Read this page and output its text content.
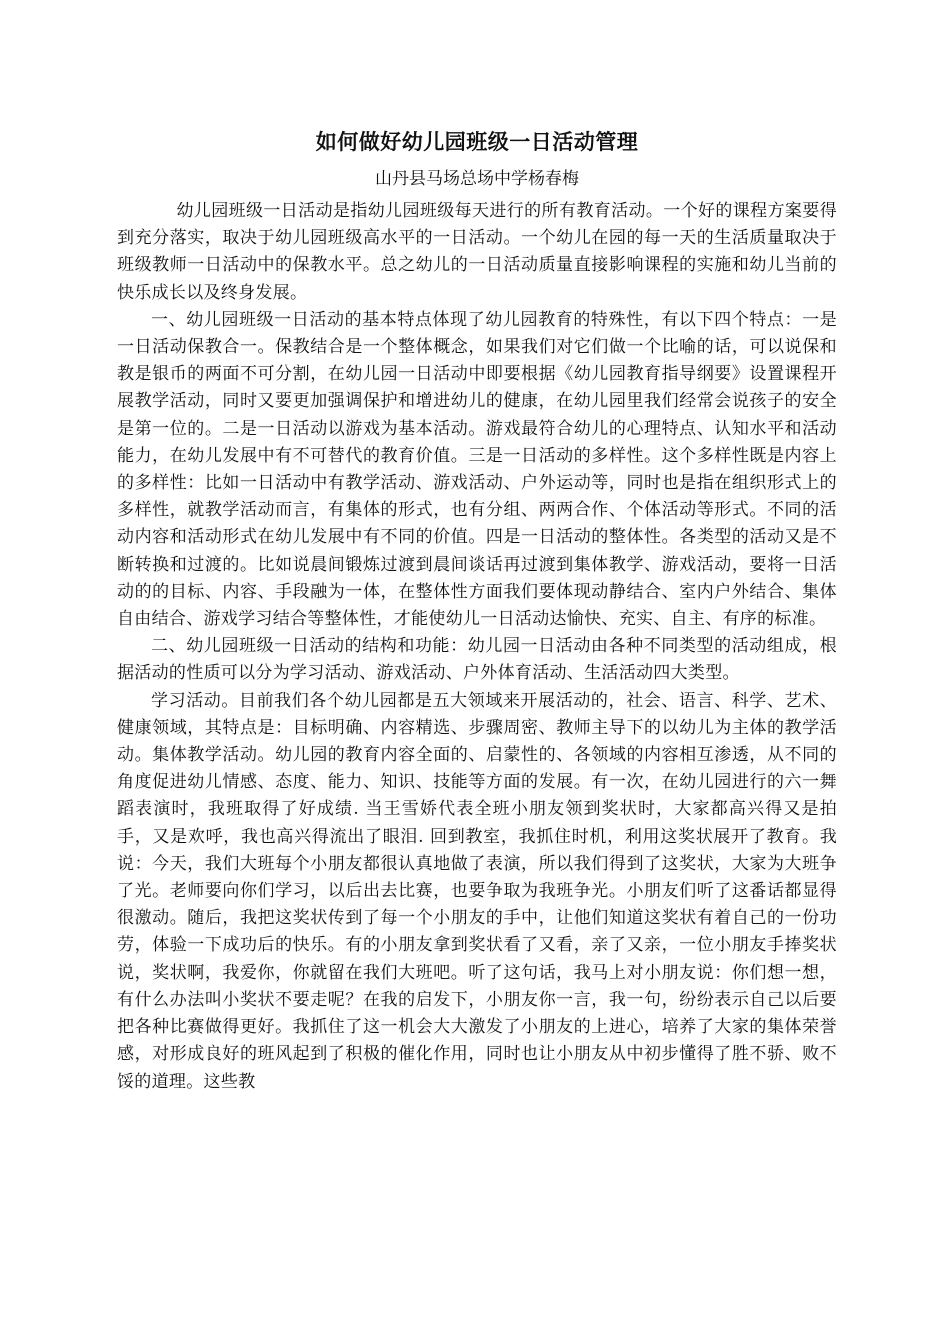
如何做好幼儿园班级一日活动管理
山丹县马场总场中学杨春梅

幼儿园班级一日活动是指幼儿园班级每天进行的所有教育活动。一个好的课程方案要得到充分落实，取决于幼儿园班级高水平的一日活动。一个幼儿在园的每一天的生活质量取决于班级教师一日活动中的保教水平。总之幼儿的一日活动质量直接影响课程的实施和幼儿当前的快乐成长以及终身发展。

一、幼儿园班级一日活动的基本特点体现了幼儿园教育的特殊性，有以下四个特点：一是一日活动保教合一。保教结合是一个整体概念，如果我们对它们做一个比喻的话，可以说保和教是银币的两面不可分割，在幼儿园一日活动中即要根据《幼儿园教育指导纲要》设置课程开展教学活动，同时又要更加强调保护和增进幼儿的健康，在幼儿园里我们经常会说孩子的安全是第一位的。二是一日活动以游戏为基本活动。游戏最符合幼儿的心理特点、认知水平和活动能力，在幼儿发展中有不可替代的教育价值。三是一日活动的多样性。这个多样性既是内容上的多样性：比如一日活动中有教学活动、游戏活动、户外运动等，同时也是指在组织形式上的多样性，就教学活动而言，有集体的形式，也有分组、两两合作、个体活动等形式。不同的活动内容和活动形式在幼儿发展中有不同的价值。四是一日活动的整体性。各类型的活动又是不断转换和过渡的。比如说晨间锻炼过渡到晨间谈话再过渡到集体教学、游戏活动，要将一日活动的的目标、内容、手段融为一体，在整体性方面我们要体现动静结合、室内户外结合、集体自由结合、游戏学习结合等整体性，才能使幼儿一日活动达愉快、充实、自主、有序的标准。

二、幼儿园班级一日活动的结构和功能：幼儿园一日活动由各种不同类型的活动组成，根据活动的性质可以分为学习活动、游戏活动、户外体育活动、生活活动四大类型。

学习活动。目前我们各个幼儿园都是五大领域来开展活动的，社会、语言、科学、艺术、健康领域，其特点是：目标明确、内容精选、步骤周密、教师主导下的以幼儿为主体的教学活动。集体教学活动。幼儿园的教育内容全面的、启蒙性的、各领域的内容相互渗透，从不同的角度促进幼儿情感、态度、能力、知识、技能等方面的发展。有一次，在幼儿园进行的六一舞蹈表演时，我班取得了好成绩. 当王雪娇代表全班小朋友领到奖状时，大家都高兴得又是拍手，又是欢呼，我也高兴得流出了眼泪. 回到教室，我抓住时机，利用这奖状展开了教育。我说：今天，我们大班每个小朋友都很认真地做了表演，所以我们得到了这奖状，大家为大班争了光。老师要向你们学习，以后出去比赛，也要争取为我班争光。小朋友们听了这番话都显得很激动。随后，我把这奖状传到了每一个小朋友的手中，让他们知道这奖状有着自己的一份功劳，体验一下成功后的快乐。有的小朋友拿到奖状看了又看，亲了又亲，一位小朋友手捧奖状说，奖状啊，我爱你，你就留在我们大班吧。听了这句话，我马上对小朋友说：你们想一想，有什么办法叫小奖状不要走呢？在我的启发下，小朋友你一言，我一句，纷纷表示自己以后要把各种比赛做得更好。我抓住了这一机会大大激发了小朋友的上进心，培养了大家的集体荣誉感，对形成良好的班风起到了积极的催化作用，同时也让小朋友从中初步懂得了胜不骄、败不馁的道理。这些教
